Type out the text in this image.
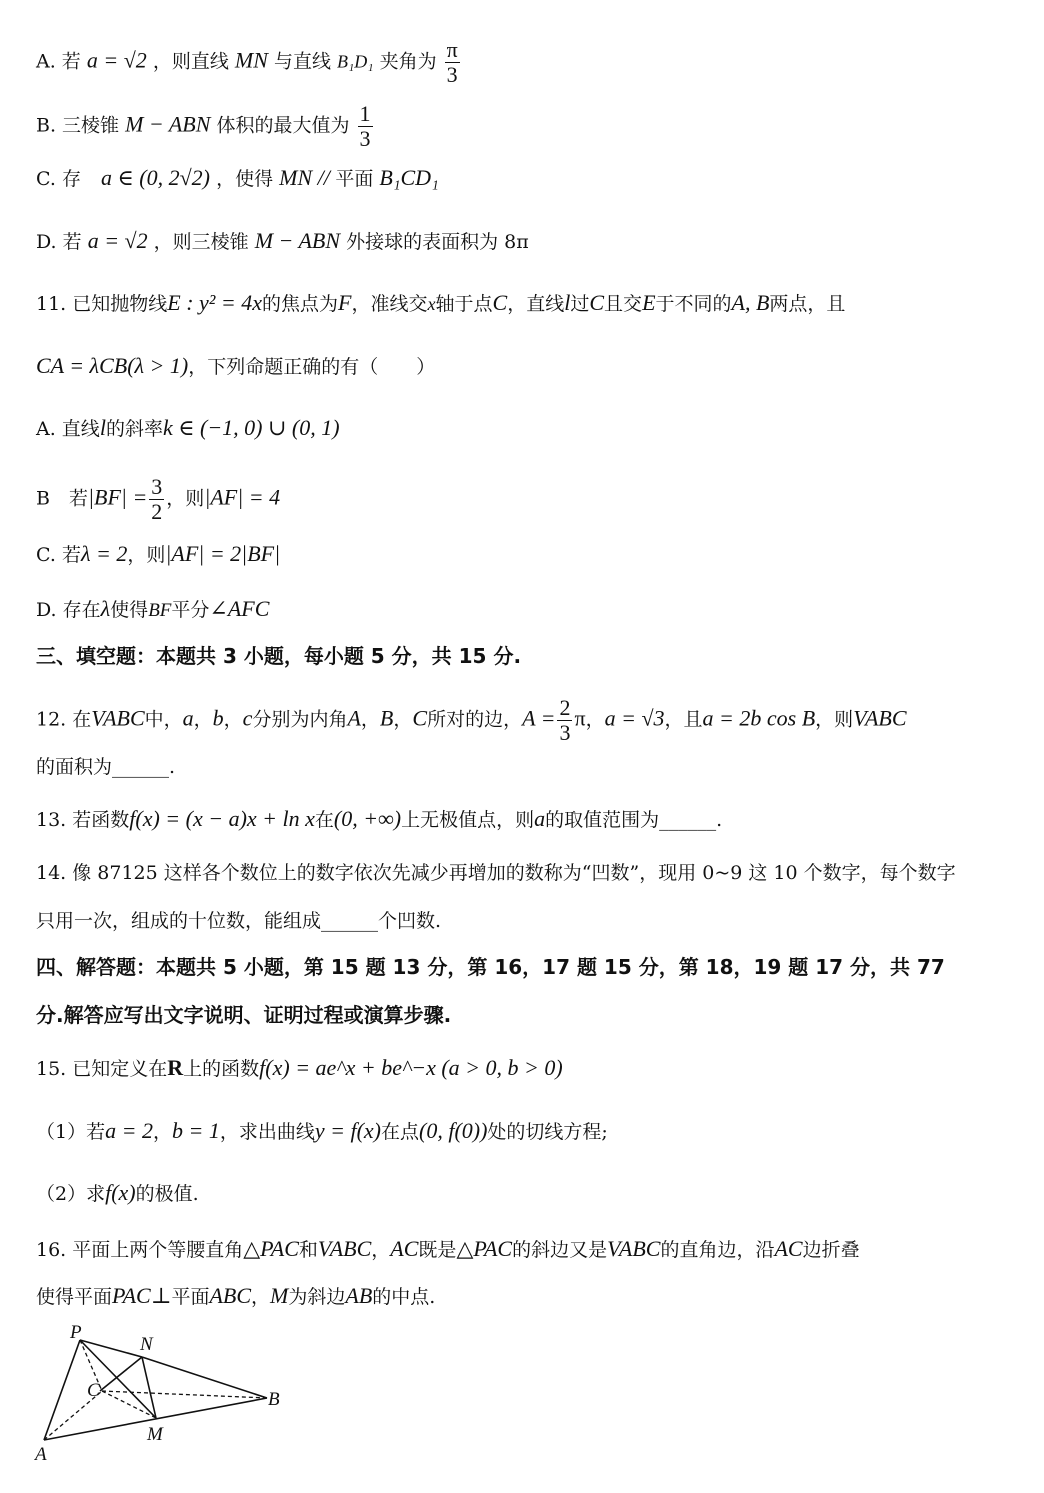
A. 若 a = √2 ，则直线 MN 与直线 B₁D₁ 夹角为 $\frac{\pi}{3}$
B. 三棱锥 M − ABN 体积的最大值为 $\frac{1}{3}$
C. 存 a ∈ (0, 2√2) ，使得 MN // 平面 B₁CD₁
D. 若 a = √2 ，则三棱锥 M − ABN 外接球的表面积为 8π
11. 已知抛物线E : y² = 4x的焦点为F，准线交x轴于点C，直线l过C且交E于不同的A, B两点，且
CA = λCB(λ > 1)，下列命题正确的有（　　）
A. 直线l的斜率k ∈ (−1, 0) ∪ (0, 1)
B　若$|BF| = \frac{3}{2}$ ，则|AF| = 4
C. 若λ = 2，则|AF| = 2|BF|
D. 存在λ使得BF平分∠AFC
三、填空题：本题共 3 小题，每小题 5 分，共 15 分.
12. 在VABC中，a，b，c分别为内角A，B，C所对的边，$A = \frac{2}{3}$ π，a = √3，且a = 2b cos B，则VABC
的面积为______.
13. 若函数f(x) = (x − a)x + ln x在(0, +∞)上无极值点，则a的取值范围为______.
14. 像 87125 这样各个数位上的数字依次先减少再增加的数称为“凹数”，现用 0~9 这 10 个数字，每个数字
只用一次，组成的十位数，能组成______个凹数.
四、解答题：本题共 5 小题，第 15 题 13 分，第 16，17 题 15 分，第 18，19 题 17 分，共 77
分.解答应写出文字说明、证明过程或演算步骤.
15. 已知定义在R上的函数f(x) = ae^x + be^−x (a > 0, b > 0)
（1）若a = 2，b = 1，求出曲线y = f(x)在点(0, f(0))处的切线方程;
（2）求f(x)的极值.
16. 平面上两个等腰直角△PAC和VABC，AC既是△PAC的斜边又是VABC的直角边，沿AC边折叠
使得平面PAC⊥平面ABC，M为斜边AB的中点.
P
N
C	B
M
A
